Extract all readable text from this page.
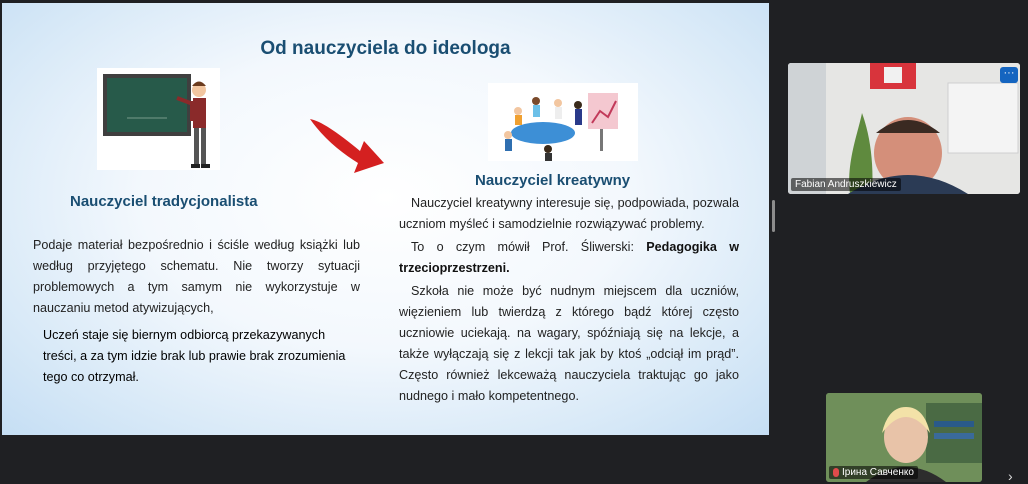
Od nauczyciela do ideologa
Nauczyciel tradycjonalista
Nauczyciel kreatywny

Podaje materiał bezpośrednio i ściśle według książki lub według przyjętego schematu. Nie tworzy sytuacji problemowych a tym samym nie wykorzystuje w nauczaniu metod atywizujących,

Uczeń staje się biernym odbiorcą przekazywanych treści, a za tym idzie brak lub prawie brak zrozumienia tego co otrzymał.

Nauczyciel kreatywny interesuje się, podpowiada, pozwala uczniom myśleć i samodzielnie rozwiązywać problemy.

To o czym mówił Prof. Śliwerski: Pedagogika w trzecioprzestrzeni.

Szkoła nie może być nudnym miejscem dla uczniów, więzieniem lub twierdzą z którego bądź której często uczniowie uciekają. na wagary, spóźniają się na lekcje, a także wyłączają się z lekcji tak jak by ktoś „odciął im prąd”. Często również lekceważą nauczyciela traktując go jako nudnego i mało kompetentnego.

···
Fabian Andruszkiewicz
Ірина Савченко	›
